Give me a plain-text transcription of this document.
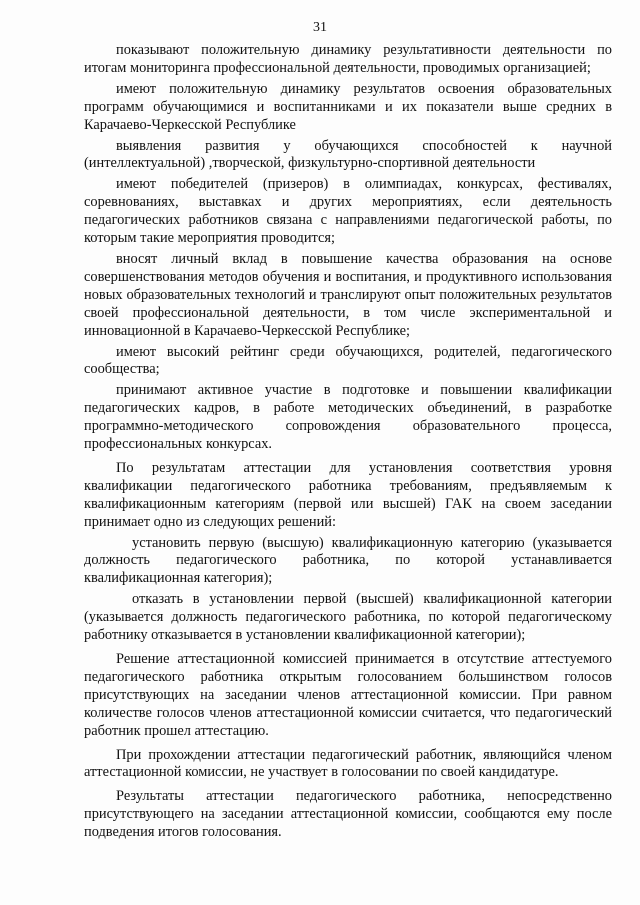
31

показывают положительную динамику результативности деятельности по итогам мониторинга профессиональной деятельности, проводимых организацией;

имеют положительную динамику результатов освоения образовательных программ обучающимися и воспитанниками и их показатели выше средних в Карачаево-Черкесской Республике

выявления развития у обучающихся способностей к научной (интеллектуальной) ,творческой, физкультурно-спортивной деятельности

имеют победителей (призеров) в олимпиадах, конкурсах, фестивалях, соревнованиях, выставках и других мероприятиях, если деятельность педагогических работников связана с направлениями педагогической работы, по которым такие мероприятия проводится;

вносят личный вклад в повышение качества образования на основе совершенствования методов обучения и воспитания, и продуктивного использования новых образовательных технологий и транслируют опыт положительных результатов своей профессиональной деятельности, в том числе экспериментальной и инновационной в Карачаево-Черкесской Республике;

имеют высокий рейтинг среди обучающихся, родителей, педагогического сообщества;

принимают активное участие в подготовке и повышении квалификации педагогических кадров, в работе методических объединений, в разработке программно-методического сопровождения образовательного процесса, профессиональных конкурсах.

По результатам аттестации для установления соответствия уровня квалификации педагогического работника требованиям, предъявляемым к квалификационным категориям (первой или высшей) ГАК на своем заседании принимает одно из следующих решений:

установить первую (высшую) квалификационную категорию (указывается должность педагогического работника, по которой устанавливается квалификационная категория);

отказать в установлении первой (высшей) квалификационной категории (указывается должность педагогического работника, по которой педагогическому работнику отказывается в установлении квалификационной категории);

Решение аттестационной комиссией принимается в отсутствие аттестуемого педагогического работника открытым голосованием большинством голосов присутствующих на заседании членов аттестационной комиссии. При равном количестве голосов членов аттестационной комиссии считается, что педагогический работник прошел аттестацию.

При прохождении аттестации педагогический работник, являющийся членом аттестационной комиссии, не участвует в голосовании по своей кандидатуре.

Результаты аттестации педагогического работника, непосредственно присутствующего на заседании аттестационной комиссии, сообщаются ему после подведения итогов голосования.
